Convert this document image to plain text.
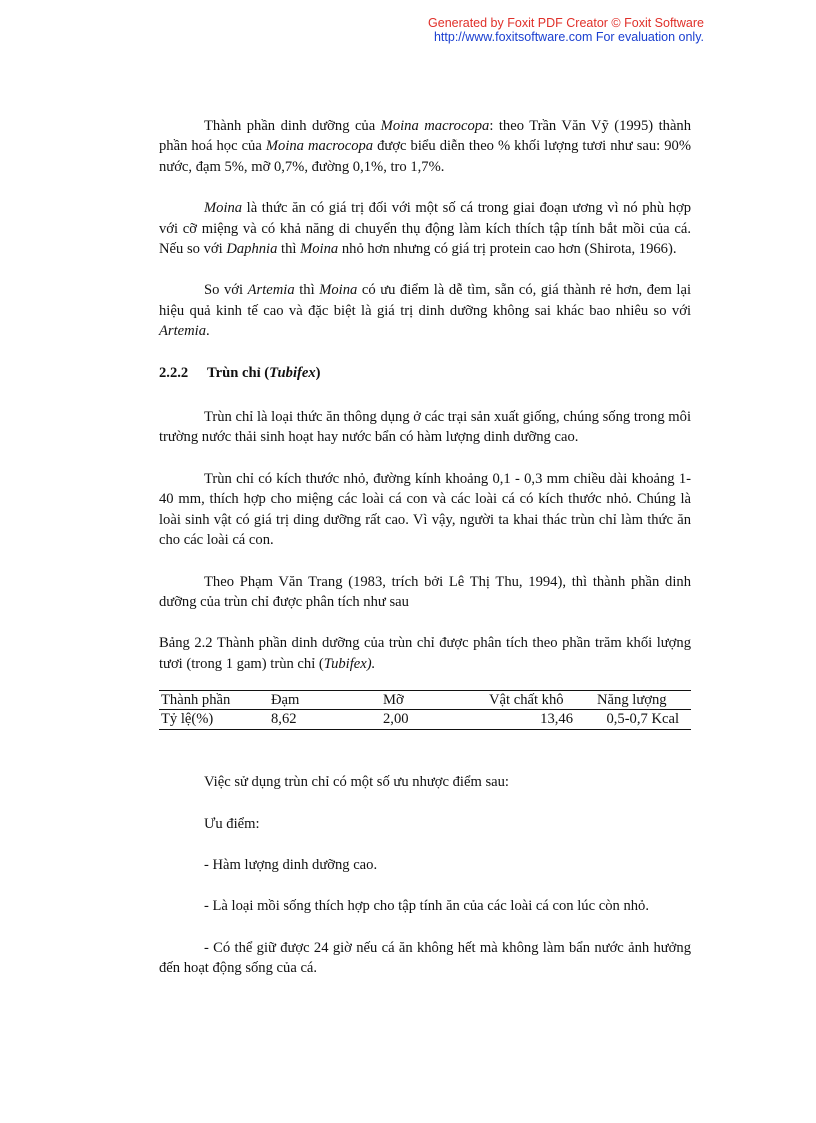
Generated by Foxit PDF Creator © Foxit Software
http://www.foxitsoftware.com For evaluation only.

Thành phần dinh dưỡng của Moina macrocopa: theo Trần Văn Vỹ (1995) thành phần hoá học của Moina macrocopa được biểu diễn theo % khối lượng tươi như sau: 90% nước, đạm 5%, mỡ 0,7%, đường 0,1%, tro 1,7%.

Moina là thức ăn có giá trị đối với một số cá trong giai đoạn ương vì nó phù hợp với cỡ miệng và có khả năng di chuyển thụ động làm kích thích tập tính bắt mồi của cá. Nếu so với Daphnia thì Moina nhỏ hơn nhưng có giá trị protein cao hơn (Shirota, 1966).

So với Artemia thì Moina có ưu điểm là dễ tìm, sẵn có, giá thành rẻ hơn, đem lại hiệu quả kinh tế cao và đặc biệt là giá trị dinh dưỡng không sai khác bao nhiêu so với Artemia.

2.2.2 Trùn chỉ (Tubifex)

Trùn chỉ là loại thức ăn thông dụng ở các trại sản xuất giống, chúng sống trong môi trường nước thải sinh hoạt hay nước bẩn có hàm lượng dinh dưỡng cao.

Trùn chỉ có kích thước nhỏ, đường kính khoảng 0,1 - 0,3 mm chiều dài khoảng 1- 40 mm, thích hợp cho miệng các loài cá con và các loài cá có kích thước nhỏ. Chúng là loài sinh vật có giá trị ding dưỡng rất cao. Vì vậy, người ta khai thác trùn chỉ làm thức ăn cho các loài cá con.

Theo Phạm Văn Trang (1983, trích bởi Lê Thị Thu, 1994), thì thành phần dinh dưỡng của trùn chỉ được phân tích như sau

Bảng 2.2 Thành phần dinh dưỡng của trùn chỉ được phân tích theo phần trăm khối lượng tươi (trong 1 gam) trùn chỉ (Tubifex).

Thành phần	Đạm	Mỡ	Vật chất khô	Năng lượng
Tỷ lệ(%)	8,62	2,00	13,46	0,5-0,7 Kcal

Việc sử dụng trùn chỉ có một số ưu nhược điểm sau:

Ưu điểm:

- Hàm lượng dinh dưỡng cao.

- Là loại mồi sống thích hợp cho tập tính ăn của các loài cá con lúc còn nhỏ.

- Có thể giữ được 24 giờ nếu cá ăn không hết mà không làm bẩn nước ảnh hưởng đến hoạt động sống của cá.
